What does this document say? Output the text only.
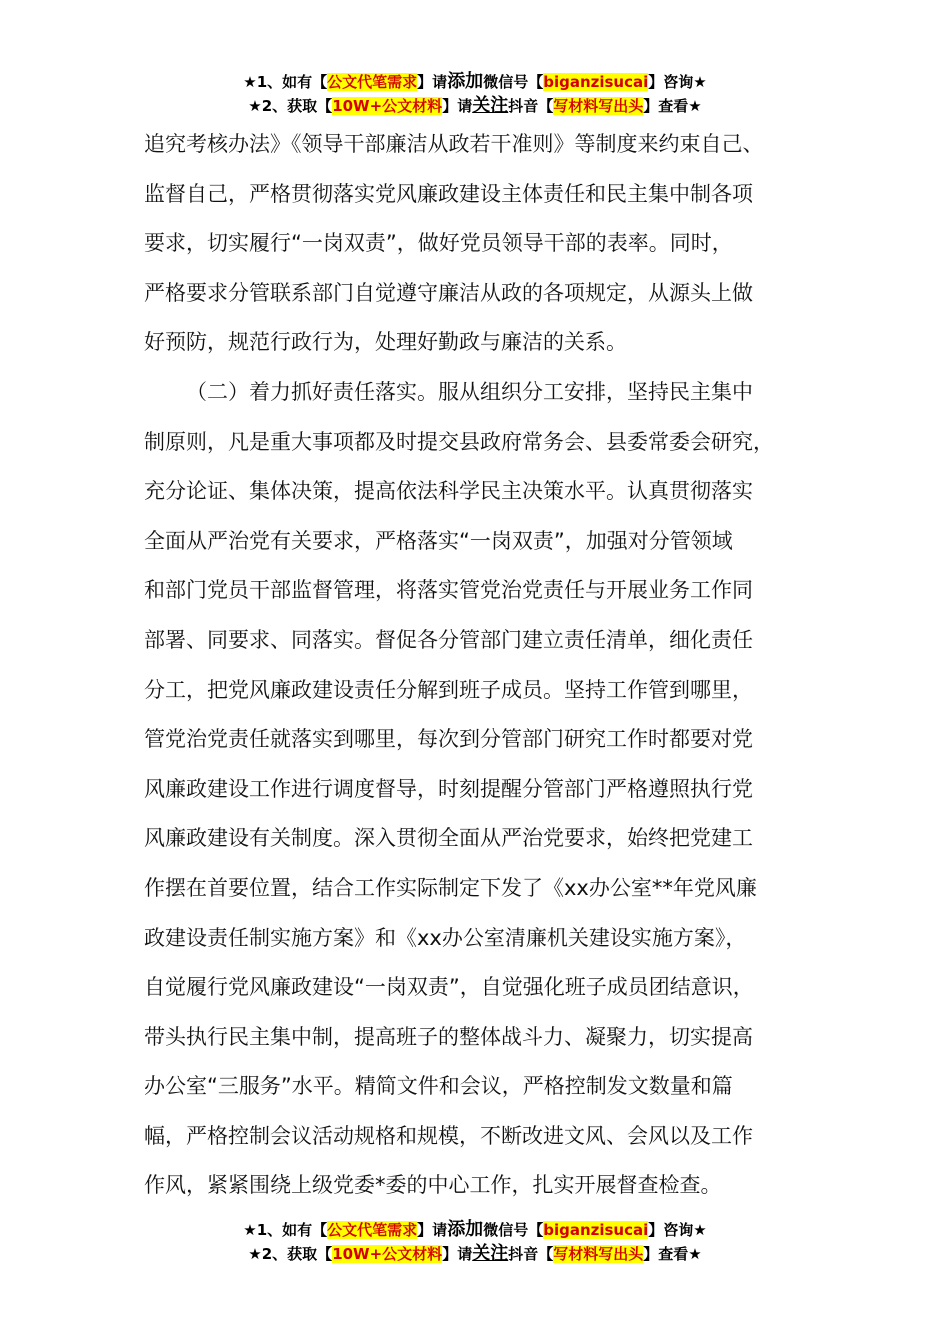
★1、如有【公文代笔需求】请添加微信号【biganzisucai】咨询★
★2、获取【10W+公文材料】请关注抖音【写材料写出头】查看★
追究考核办法》《领导干部廉洁从政若干准则》等制度来约束自己、
监督自己，严格贯彻落实党风廉政建设主体责任和民主集中制各项
要求，切实履行“一岗双责”，做好党员领导干部的表率。同时，
严格要求分管联系部门自觉遵守廉洁从政的各项规定，从源头上做
好预防，规范行政行为，处理好勤政与廉洁的关系。
（二）着力抓好责任落实。服从组织分工安排，坚持民主集中
制原则，凡是重大事项都及时提交县政府常务会、县委常委会研究，
充分论证、集体决策，提高依法科学民主决策水平。认真贯彻落实
全面从严治党有关要求，严格落实“一岗双责”，加强对分管领域
和部门党员干部监督管理，将落实管党治党责任与开展业务工作同
部署、同要求、同落实。督促各分管部门建立责任清单，细化责任
分工，把党风廉政建设责任分解到班子成员。坚持工作管到哪里，
管党治党责任就落实到哪里，每次到分管部门研究工作时都要对党
风廉政建设工作进行调度督导，时刻提醒分管部门严格遵照执行党
风廉政建设有关制度。深入贯彻全面从严治党要求，始终把党建工
作摆在首要位置，结合工作实际制定下发了《xx办公室**年党风廉
政建设责任制实施方案》和《xx办公室清廉机关建设实施方案》，
自觉履行党风廉政建设“一岗双责”，自觉强化班子成员团结意识，
带头执行民主集中制，提高班子的整体战斗力、凝聚力，切实提高
办公室“三服务”水平。精简文件和会议，严格控制发文数量和篇
幅，严格控制会议活动规格和规模，不断改进文风、会风以及工作
作风，紧紧围绕上级党委*委的中心工作，扎实开展督查检查。
★1、如有【公文代笔需求】请添加微信号【biganzisucai】咨询★
★2、获取【10W+公文材料】请关注抖音【写材料写出头】查看★
